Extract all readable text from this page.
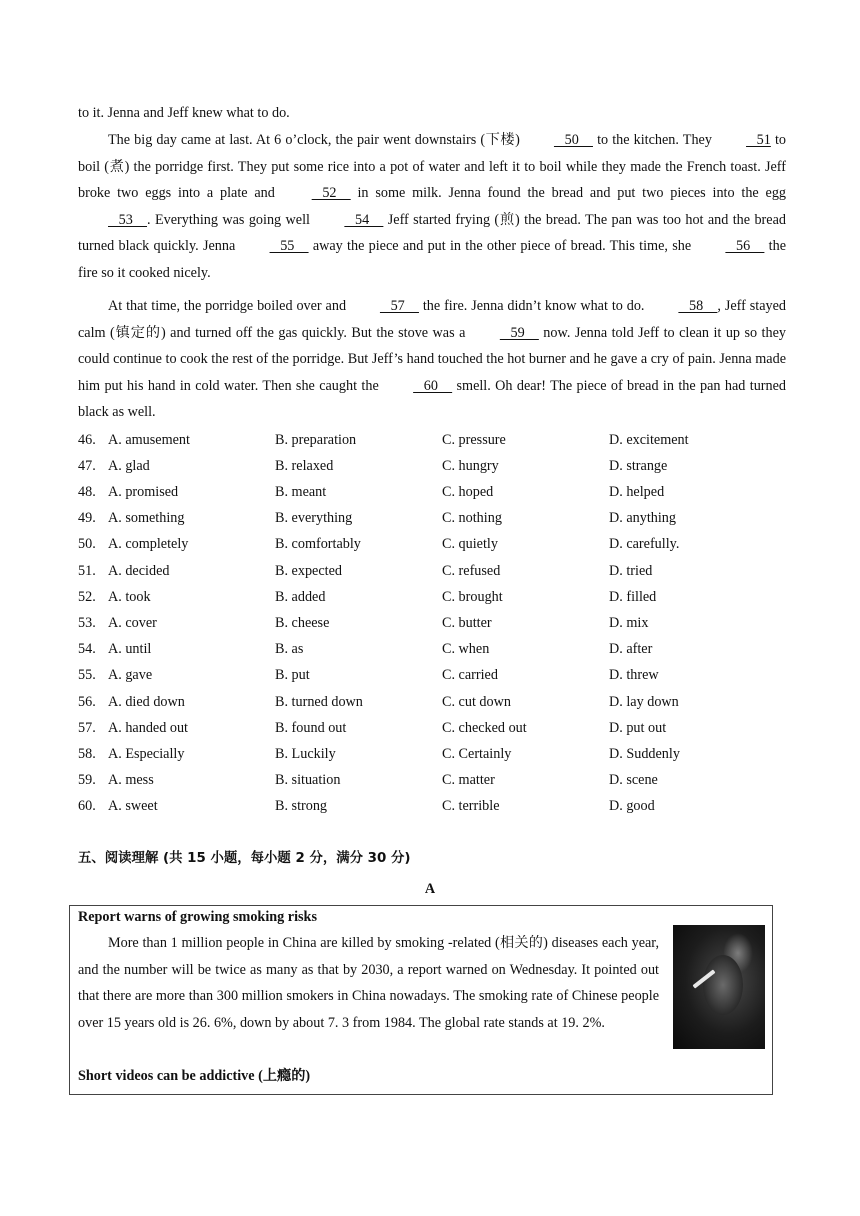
to it. Jenna and Jeff knew what to do.

The big day came at last. At 6 o’clock, the pair went downstairs (下楼)    50     to the kitchen. They    51 to boil (煮) the porridge first. They put some rice into a pot of water and left it to boil while they made the French toast. Jeff broke two eggs into a plate and    52     in some milk. Jenna found the bread and put two pieces into the egg    53    . Everything was going well    54     Jeff started frying (煎) the bread. The pan was too hot and the bread turned black quickly. Jenna    55     away the piece and put in the other piece of bread. This time, she    56     the fire so it cooked nicely.

At that time, the porridge boiled over and    57     the fire. Jenna didn’t know what to do.    58    , Jeff stayed calm (镇定的) and turned off the gas quickly. But the stove was a    59     now. Jenna told Jeff to clean it up so they could continue to cook the rest of the porridge. But Jeff’s hand touched the hot burner and he gave a cry of pain. Jenna made him put his hand in cold water. Then she caught the    60     smell. Oh dear! The piece of bread in the pan had turned black as well.

46. A. amusement	B. preparation	C. pressure	D. excitement
47. A. glad	B. relaxed	C. hungry	D. strange
48. A. promised	B. meant	C. hoped	D. helped
49. A. something	B. everything	C. nothing	D. anything
50. A. completely	B. comfortably	C. quietly	D. carefully.
51. A. decided	B. expected	C. refused	D. tried
52. A. took	B. added	C. brought	D. filled
53. A. cover	B. cheese	C. butter	D. mix
54. A. until	B. as	C. when	D. after
55. A. gave	B. put	C. carried	D. threw
56. A. died down	B. turned down	C. cut down	D. lay down
57. A. handed out	B. found out	C. checked out	D. put out
58. A. Especially	B. Luckily	C. Certainly	D. Suddenly
59. A. mess	B. situation	C. matter	D. scene
60. A. sweet	B. strong	C. terrible	D. good
五、阅读理解 (共 15 小题，每小题 2 分，满分 30 分)
A
Report warns of growing smoking risks

More than 1 million people in China are killed by smoking -related (相关的) diseases each year, and the number will be twice as many as that by 2030, a report warned on Wednesday. It pointed out that there are more than 300 million smokers in China nowadays. The smoking rate of Chinese people over 15 years old is 26. 6%, down by about 7. 3 from 1984. The global rate stands at 19. 2%.

Short videos can be addictive (上瘾的)
